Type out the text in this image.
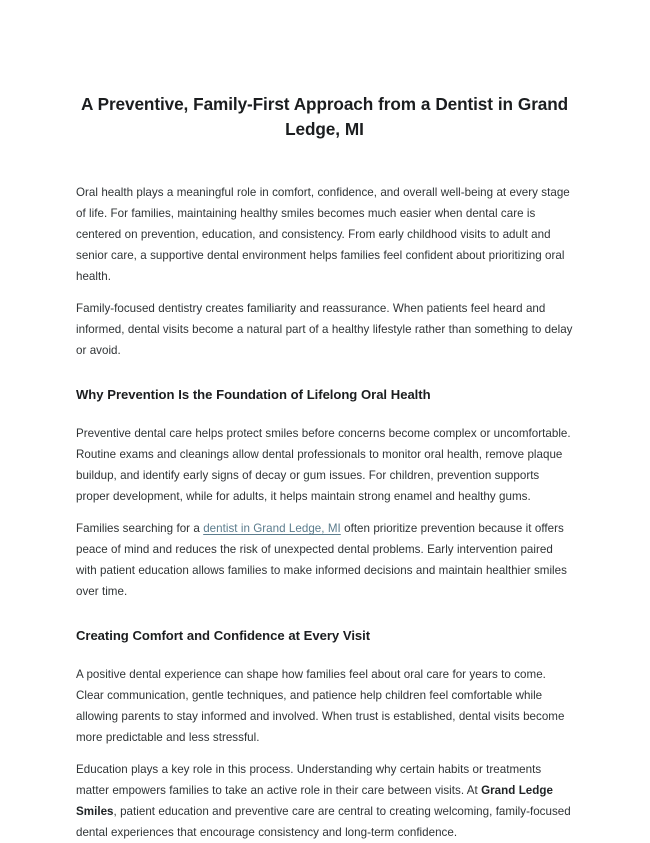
A Preventive, Family-First Approach from a Dentist in Grand Ledge, MI

Oral health plays a meaningful role in comfort, confidence, and overall well-being at every stage of life. For families, maintaining healthy smiles becomes much easier when dental care is centered on prevention, education, and consistency. From early childhood visits to adult and senior care, a supportive dental environment helps families feel confident about prioritizing oral health.

Family-focused dentistry creates familiarity and reassurance. When patients feel heard and informed, dental visits become a natural part of a healthy lifestyle rather than something to delay or avoid.

Why Prevention Is the Foundation of Lifelong Oral Health

Preventive dental care helps protect smiles before concerns become complex or uncomfortable. Routine exams and cleanings allow dental professionals to monitor oral health, remove plaque buildup, and identify early signs of decay or gum issues. For children, prevention supports proper development, while for adults, it helps maintain strong enamel and healthy gums.

Families searching for a dentist in Grand Ledge, MI often prioritize prevention because it offers peace of mind and reduces the risk of unexpected dental problems. Early intervention paired with patient education allows families to make informed decisions and maintain healthier smiles over time.

Creating Comfort and Confidence at Every Visit

A positive dental experience can shape how families feel about oral care for years to come. Clear communication, gentle techniques, and patience help children feel comfortable while allowing parents to stay informed and involved. When trust is established, dental visits become more predictable and less stressful.

Education plays a key role in this process. Understanding why certain habits or treatments matter empowers families to take an active role in their care between visits. At Grand Ledge Smiles, patient education and preventive care are central to creating welcoming, family-focused dental experiences that encourage consistency and long-term confidence.
